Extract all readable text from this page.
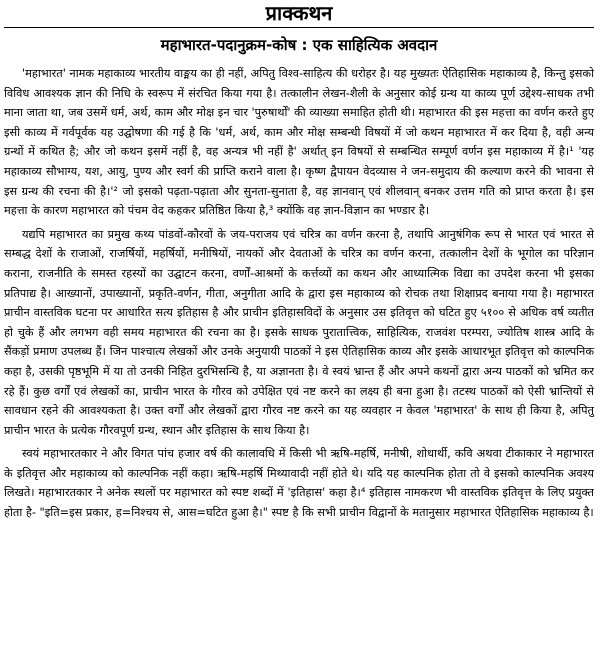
प्राक्कथन
महाभारत-पदानुक्रम-कोष : एक साहित्यिक अवदान

'महाभारत' नामक महाकाव्य भारतीय वाङ्मय का ही नहीं, अपितु विश्व-साहित्य की धरोहर है। यह मुख्यतः ऐतिहासिक महाकाव्य है, किन्तु इसको विविध आवश्यक ज्ञान की निधि के स्वरूप में संरचित किया गया है। तत्कालीन लेखन-शैली के अनुसार कोई ग्रन्थ या काव्य पूर्ण उद्देश्य-साधक तभी माना जाता था, जब उसमें धर्म, अर्थ, काम और मोक्ष इन चार 'पुरुषार्थों' की व्याख्या समाहित होती थी। महाभारत की इस महत्ता का वर्णन करते हुए इसी काव्य में गर्वपूर्वक यह उद्घोषणा की गई है कि 'धर्म, अर्थ, काम और मोक्ष सम्बन्धी विषयों में जो कथन महाभारत में कर दिया है, वही अन्य ग्रन्थों में कथित है; और जो कथन इसमें नहीं है, वह अन्यत्र भी नहीं है' अर्थात् इन विषयों से सम्बन्धित सम्पूर्ण वर्णन इस महाकाव्य में है।¹ 'यह महाकाव्य सौभाग्य, यश, आयु, पुण्य और स्वर्ग की प्राप्ति कराने वाला है। कृष्ण द्वैपायन वेदव्यास ने जन-समुदाय की कल्याण करने की भावना से इस ग्रन्थ की रचना की है।'² जो इसको पढ़ता-पढ़ाता और सुनता-सुनाता है, वह ज्ञानवान् एवं शीलवान् बनकर उत्तम गति को प्राप्त करता है। इस महत्ता के कारण महाभारत को पंचम वेद कहकर प्रतिष्ठित किया है,³ क्योंकि वह ज्ञान-विज्ञान का भण्डार है।

यद्यपि महाभारत का प्रमुख कथ्य पांडवों-कौरवों के जय-पराजय एवं चरित्र का वर्णन करना है, तथापि आनुषंगिक रूप से भारत एवं भारत से सम्बद्ध देशों के राजाओं, राजर्षियों, महर्षियों, मनीषियों, नायकों और देवताओं के चरित्र का वर्णन करना, तत्कालीन देशों के भूगोल का परिज्ञान कराना, राजनीति के समस्त रहस्यों का उद्घाटन करना, वर्णों-आश्रमों के कर्त्तव्यों का कथन और आध्यात्मिक विद्या का उपदेश करना भी इसका प्रतिपाद्य है। आख्यानों, उपाख्यानों, प्रकृति-वर्णन, गीता, अनुगीता आदि के द्वारा इस महाकाव्य को रोचक तथा शिक्षाप्रद बनाया गया है। महाभारत प्राचीन वास्तविक घटना पर आधारित सत्य इतिहास है और प्राचीन इतिहासविदों के अनुसार उस इतिवृत्त को घटित हुए ५१०० से अधिक वर्ष व्यतीत हो चुके हैं और लगभग वही समय महाभारत की रचना का है। इसके साधक पुरातात्त्विक, साहित्यिक, राजवंश परम्परा, ज्योतिष शास्त्र आदि के सैंकड़ों प्रमाण उपलब्ध हैं। जिन पाश्चात्य लेखकों और उनके अनुयायी पाठकों ने इस ऐतिहासिक काव्य और इसके आधारभूत इतिवृत्त को काल्पनिक कहा है, उसकी पृष्ठभूमि में या तो उनकी निहित दुरभिसन्धि है, या अज्ञानता है। वे स्वयं भ्रान्त हैं और अपने कथनों द्वारा अन्य पाठकों को भ्रमित कर रहे हैं। कुछ वर्गों एवं लेखकों का, प्राचीन भारत के गौरव को उपेक्षित एवं नष्ट करने का लक्ष्य ही बना हुआ है। तटस्थ पाठकों को ऐसी भ्रान्तियों से सावधान रहने की आवश्यकता है। उक्त वर्गों और लेखकों द्वारा गौरव नष्ट करने का यह व्यवहार न केवल 'महाभारत' के साथ ही किया है, अपितु प्राचीन भारत के प्रत्येक गौरवपूर्ण ग्रन्थ, स्थान और इतिहास के साथ किया है।

स्वयं महाभारतकार ने और विगत पांच हजार वर्ष की कालावधि में किसी भी ऋषि-महर्षि, मनीषी, शोधार्थी, कवि अथवा टीकाकार ने महाभारत के इतिवृत्त और महाकाव्य को काल्पनिक नहीं कहा। ऋषि-महर्षि मिथ्यावादी नहीं होते थे। यदि यह काल्पनिक होता तो वे इसको काल्पनिक अवश्य लिखते। महाभारतकार ने अनेक स्थलों पर महाभारत को स्पष्ट शब्दों में 'इतिहास' कहा है।⁴ इतिहास नामकरण भी वास्तविक इतिवृत्त के लिए प्रयुक्त होता है- "इति=इस प्रकार, ह=निश्चय से, आस=घटित हुआ है।" स्पष्ट है कि सभी प्राचीन विद्वानों के मतानुसार महाभारत ऐतिहासिक महाकाव्य है।
